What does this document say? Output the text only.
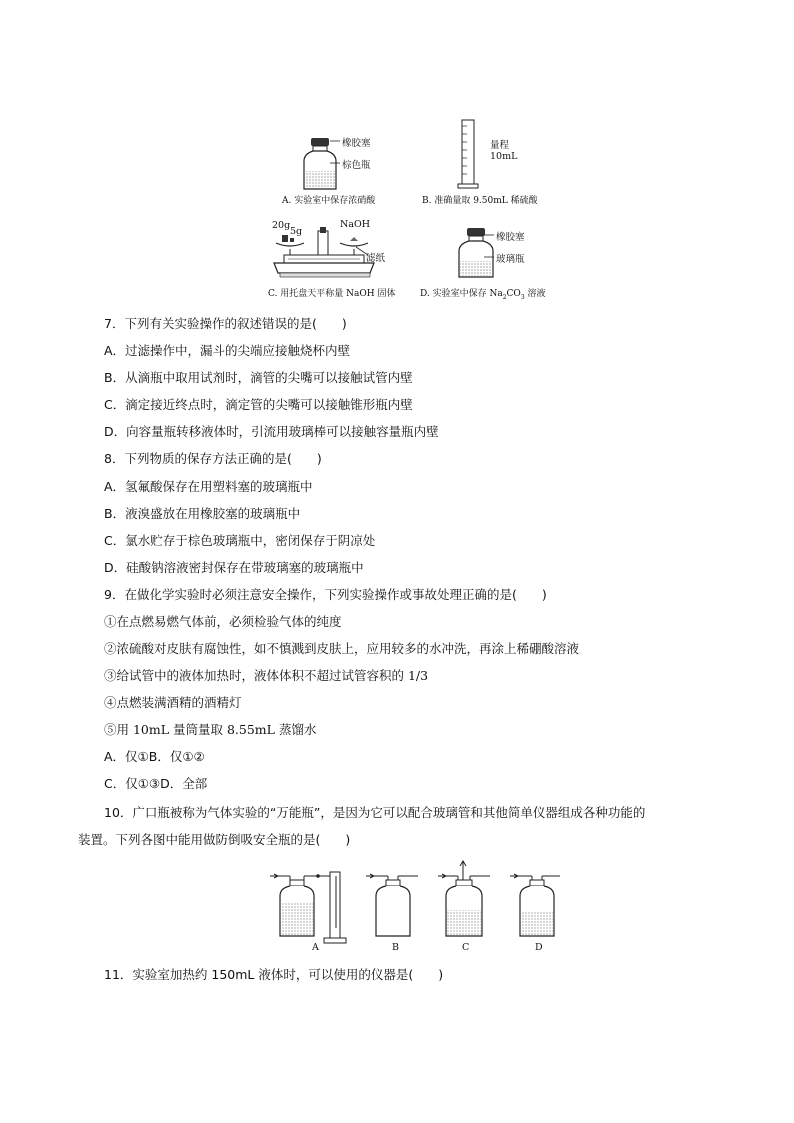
橡胶塞
棕色瓶
A. 实验室中保存浓硝酸
量程
10mL
B. 准确量取 9.50mL 稀硫酸
20g
5g
NaOH
滤纸
C. 用托盘天平称量 NaOH 固体
橡胶塞
玻璃瓶
D. 实验室中保存 $Na_2CO_3$ 溶液
7．下列有关实验操作的叙述错误的是(　　)
A．过滤操作中，漏斗的尖端应接触烧杯内壁
B．从滴瓶中取用试剂时，滴管的尖嘴可以接触试管内壁
C．滴定接近终点时，滴定管的尖嘴可以接触锥形瓶内壁
D．向容量瓶转移液体时，引流用玻璃棒可以接触容量瓶内壁
8．下列物质的保存方法正确的是(　　)
A．氢氟酸保存在用塑料塞的玻璃瓶中
B．液溴盛放在用橡胶塞的玻璃瓶中
C．氯水贮存于棕色玻璃瓶中，密闭保存于阴凉处
D．硅酸钠溶液密封保存在带玻璃塞的玻璃瓶中
9．在做化学实验时必须注意安全操作，下列实验操作或事故处理正确的是(　　)
①在点燃易燃气体前，必须检验气体的纯度
②浓硫酸对皮肤有腐蚀性，如不慎溅到皮肤上，应用较多的水冲洗，再涂上稀硼酸溶液
③给试管中的液体加热时，液体体积不超过试管容积的 1/3
④点燃装满酒精的酒精灯
⑤用 10mL 量筒量取 8.55mL 蒸馏水
A．仅①B．仅①②
C．仅①③D．全部
10．广口瓶被称为气体实验的“万能瓶”，是因为它可以配合玻璃管和其他简单仪器组成各种功能的
装置。下列各图中能用做防倒吸安全瓶的是(　　)
A	B	C	D
11．实验室加热约 150mL 液体时，可以使用的仪器是(　　)
